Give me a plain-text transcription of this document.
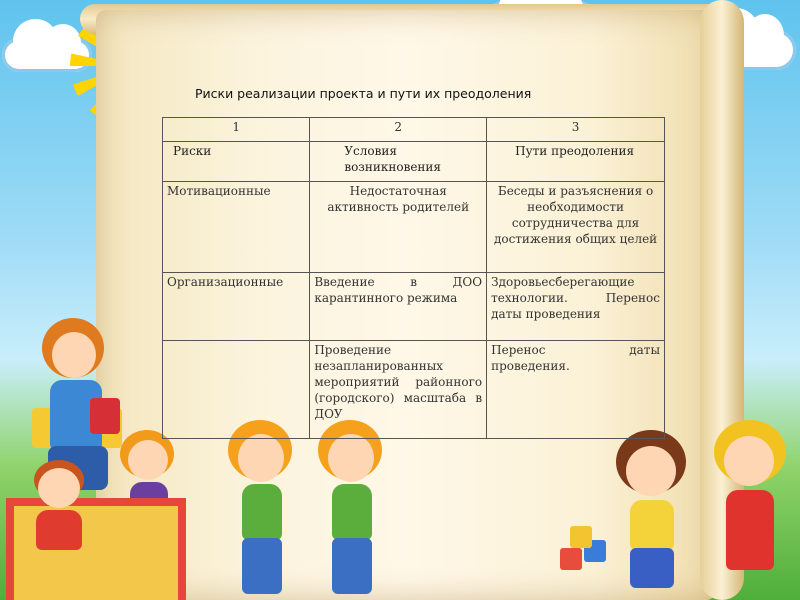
Риски реализации проекта и пути их преодоления
1	2	3
Риски	Условия возникновения	Пути преодоления
Мотивационные	Недостаточная активность родителей	Беседы и разъяснения о необходимости сотрудничества для достижения общих целей
Организационные	Введение в ДОО карантинного режима	Здоровьесберегающие технологии. Перенос даты проведения
	Проведение незапланированных мероприятий районного (городского) масштаба в ДОУ	Перенос даты проведения.
